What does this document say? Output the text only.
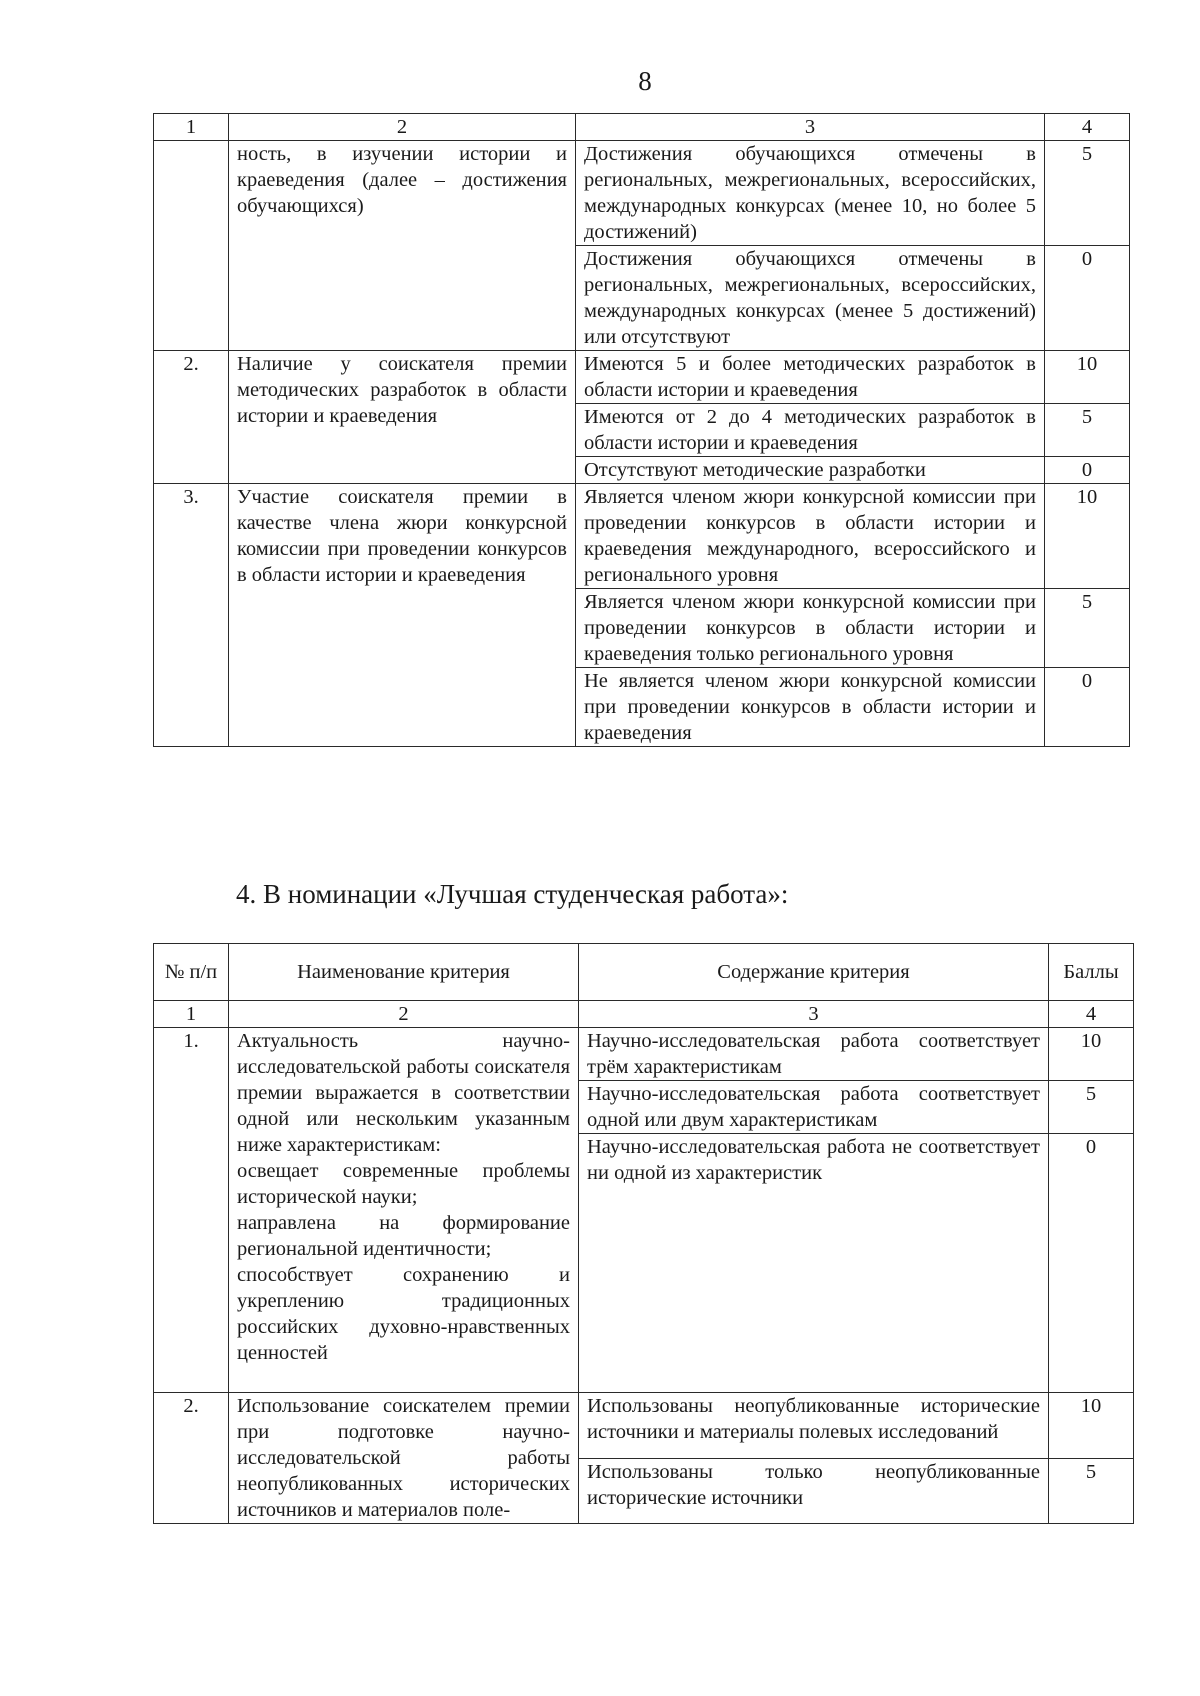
8
1	2	3	4
	ность, в изучении истории и краеведения (далее – достижения обучающихся)	Достижения обучающихся отмечены в региональных, межрегиональных, всероссийских, международных конкурсах (менее 10, но более 5 достижений)	5
		Достижения обучающихся отмечены в региональных, межрегиональных, всероссийских, международных конкурсах (менее 5 достижений) или отсутствуют	0
2.	Наличие у соискателя премии методических разработок в области истории и краеведения	Имеются 5 и более методических разработок в области истории и краеведения	10
		Имеются от 2 до 4 методических разработок в области истории и краеведения	5
		Отсутствуют методические разработки	0
3.	Участие соискателя премии в качестве члена жюри конкурсной комиссии при проведении конкурсов в области истории и краеведения	Является членом жюри конкурсной комиссии при проведении конкурсов в области истории и краеведения международного, всероссийского и регионального уровня	10
		Является членом жюри конкурсной комиссии при проведении конкурсов в области истории и краеведения только регионального уровня	5
		Не является членом жюри конкурсной комиссии при проведении конкурсов в области истории и краеведения	0
4. В номинации «Лучшая студенческая работа»:
№ п/п	Наименование критерия	Содержание критерия	Баллы
1	2	3	4
1.	Актуальность научно-исследовательской работы соискателя премии выражается в соответствии одной или нескольким указанным ниже характеристикам:
освещает современные проблемы исторической науки;
направлена на формирование региональной идентичности;
способствует сохранению и укреплению традиционных российских духовно-нравственных ценностей	Научно-исследовательская работа соответствует трём характеристикам	10
		Научно-исследовательская работа соответствует одной или двум характеристикам	5
		Научно-исследовательская работа не соответствует ни одной из характеристик	0
2.	Использование соискателем премии при подготовке научно-исследовательской работы неопубликованных исторических источников и материалов поле-	Использованы неопубликованные исторические источники и материалы полевых исследований	10
		Использованы только неопубликованные исторические источники	5
